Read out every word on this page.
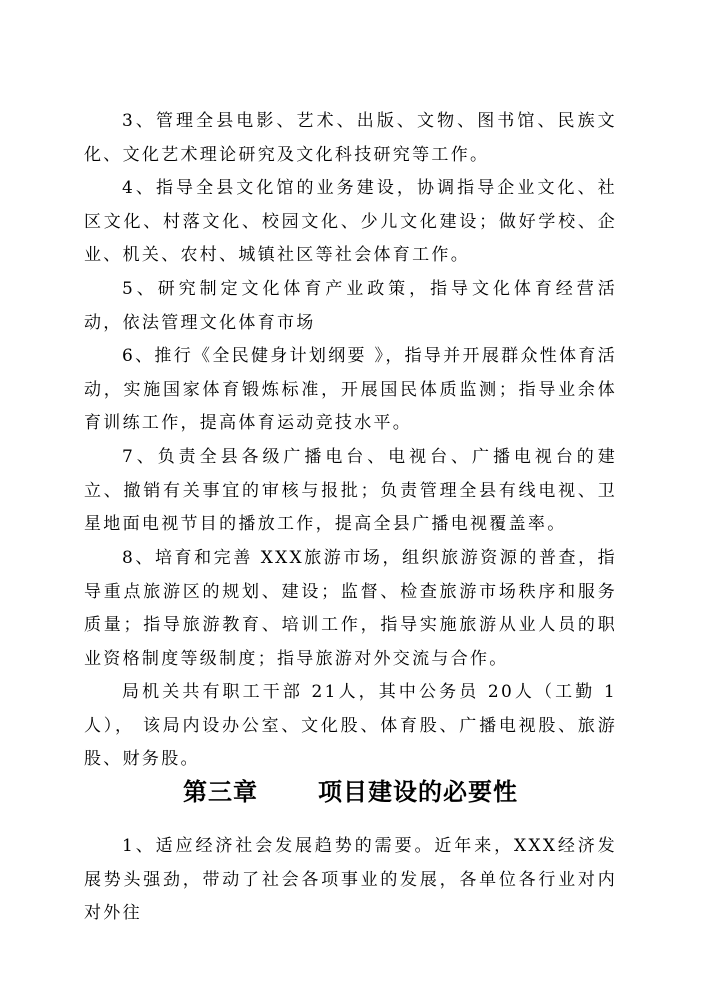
3、管理全县电影、艺术、出版、文物、图书馆、民族文化、文化艺术理论研究及文化科技研究等工作。

4、指导全县文化馆的业务建设，协调指导企业文化、社区文化、村落文化、校园文化、少儿文化建设；做好学校、企业、机关、农村、城镇社区等社会体育工作。

5、研究制定文化体育产业政策，指导文化体育经营活动，依法管理文化体育市场

6、推行《全民健身计划纲要 》，指导并开展群众性体育活动，实施国家体育锻炼标准，开展国民体质监测；指导业余体育训练工作，提高体育运动竞技水平。

7、负责全县各级广播电台、电视台、广播电视台的建立、撤销有关事宜的审核与报批；负责管理全县有线电视、卫星地面电视节目的播放工作，提高全县广播电视覆盖率。

8、培育和完善 XXX旅游市场，组织旅游资源的普查，指导重点旅游区的规划、建设；监督、检查旅游市场秩序和服务质量；指导旅游教育、培训工作，指导实施旅游从业人员的职业资格制度等级制度；指导旅游对外交流与合作。

局机关共有职工干部 21人，其中公务员 20人（工勤 1人）， 该局内设办公室、文化股、体育股、广播电视股、旅游股、财务股。

第三章	项目建设的必要性

1、适应经济社会发展趋势的需要。近年来，XXX经济发展势头强劲，带动了社会各项事业的发展，各单位各行业对内对外往
